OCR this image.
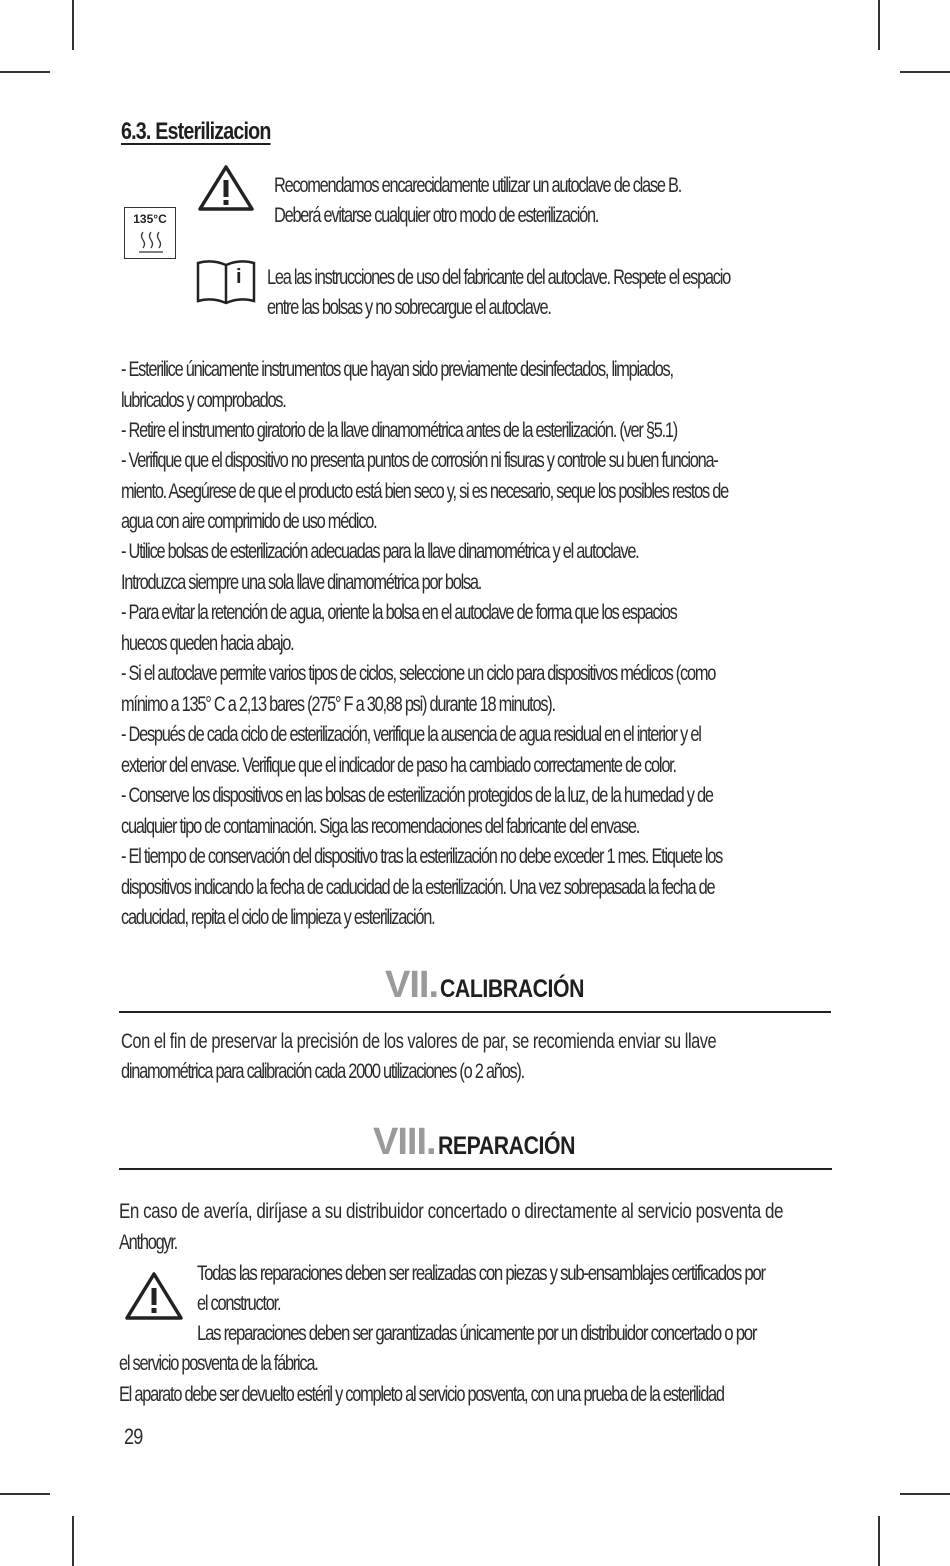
6.3. Esterilizacion
135°C
Recomendamos encarecidamente utilizar un autoclave de clase B.
Deberá evitarse cualquier otro modo de esterilización.
i Lea las instrucciones de uso del fabricante del autoclave. Respete el espacio
entre las bolsas y no sobrecargue el autoclave.
- Esterilice únicamente instrumentos que hayan sido previamente desinfectados, limpiados,
lubricados y comprobados.
- Retire el instrumento giratorio de la llave dinamométrica antes de la esterilización. (ver §5.1)
- Verifique que el dispositivo no presenta puntos de corrosión ni fisuras y controle su buen funciona-
miento. Asegúrese de que el producto está bien seco y, si es necesario, seque los posibles restos de
agua con aire comprimido de uso médico.
- Utilice bolsas de esterilización adecuadas para la llave dinamométrica y el autoclave.
Introduzca siempre una sola llave dinamométrica por bolsa.
- Para evitar la retención de agua, oriente la bolsa en el autoclave de forma que los espacios
huecos queden hacia abajo.
- Si el autoclave permite varios tipos de ciclos, seleccione un ciclo para dispositivos médicos (como
mínimo a 135° C a 2,13 bares (275° F a 30,88 psi) durante 18 minutos).
- Después de cada ciclo de esterilización, verifique la ausencia de agua residual en el interior y el
exterior del envase. Verifique que el indicador de paso ha cambiado correctamente de color.
- Conserve los dispositivos en las bolsas de esterilización protegidos de la luz, de la humedad y de
cualquier tipo de contaminación. Siga las recomendaciones del fabricante del envase.
- El tiempo de conservación del dispositivo tras la esterilización no debe exceder 1 mes. Etiquete los
dispositivos indicando la fecha de caducidad de la esterilización. Una vez sobrepasada la fecha de
caducidad, repita el ciclo de limpieza y esterilización.
VII. CALIBRACIÓN
Con el fin de preservar la precisión de los valores de par, se recomienda enviar su llave
dinamométrica para calibración cada 2000 utilizaciones (o 2 años).
VIII. REPARACIÓN
En caso de avería, diríjase a su distribuidor concertado o directamente al servicio posventa de
Anthogyr.
Todas las reparaciones deben ser realizadas con piezas y sub-ensamblajes certificados por
el constructor.
Las reparaciones deben ser garantizadas únicamente por un distribuidor concertado o por
el servicio posventa de la fábrica.
El aparato debe ser devuelto estéril y completo al servicio posventa, con una prueba de la esterilidad
29
